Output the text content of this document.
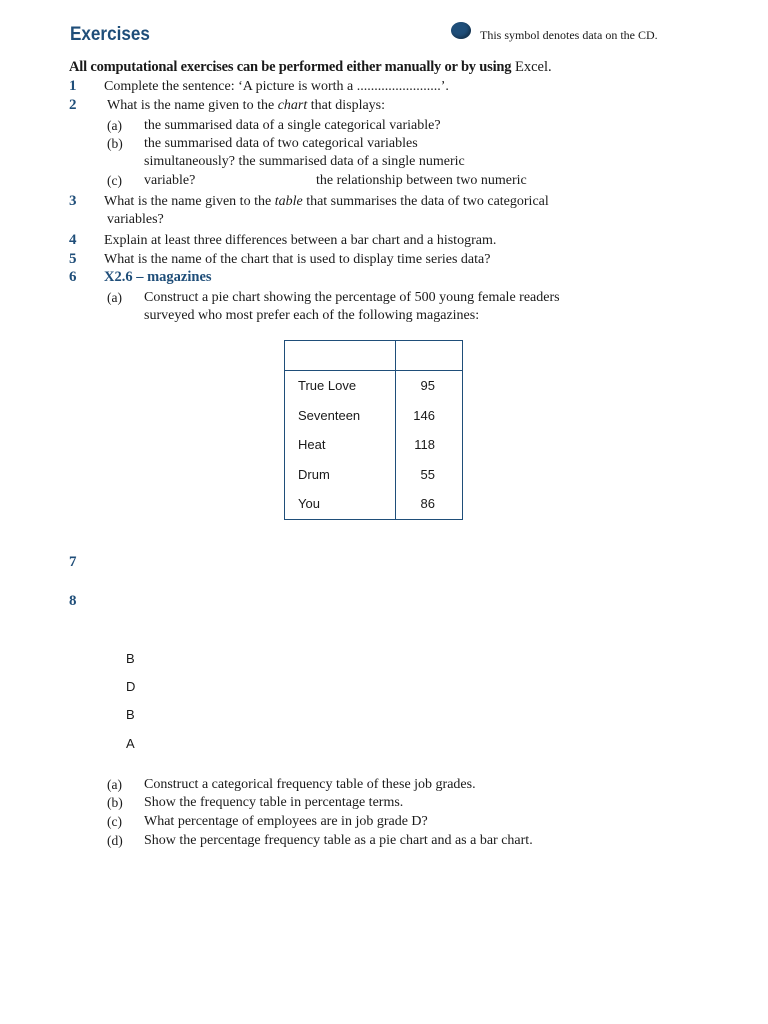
Exercises	This symbol denotes data on the CD.
All computational exercises can be performed either manually or by using Excel.
1 Complete the sentence: ‘A picture is worth a ........................’.
2 What is the name given to the chart that displays:
(a) the summarised data of a single categorical variable?
(b) the summarised data of two categorical variables
simultaneously? the summarised data of a single numeric
(c) variable?	the relationship between two numeric
3 What is the name given to the table that summarises the data of two categorical
variables?
4 Explain at least three differences between a bar chart and a histogram.
5 What is the name of the chart that is used to display time series data?
6 X2.6 – magazines
(a) Construct a pie chart showing the percentage of 500 young female readers
surveyed who most prefer each of the following magazines:

True Love	95
Seventeen	146
Heat	118
Drum	55
You	86
7
8
B
D
B
A
(a) Construct a categorical frequency table of these job grades.
(b) Show the frequency table in percentage terms.
(c) What percentage of employees are in job grade D?
(d) Show the percentage frequency table as a pie chart and as a bar chart.
